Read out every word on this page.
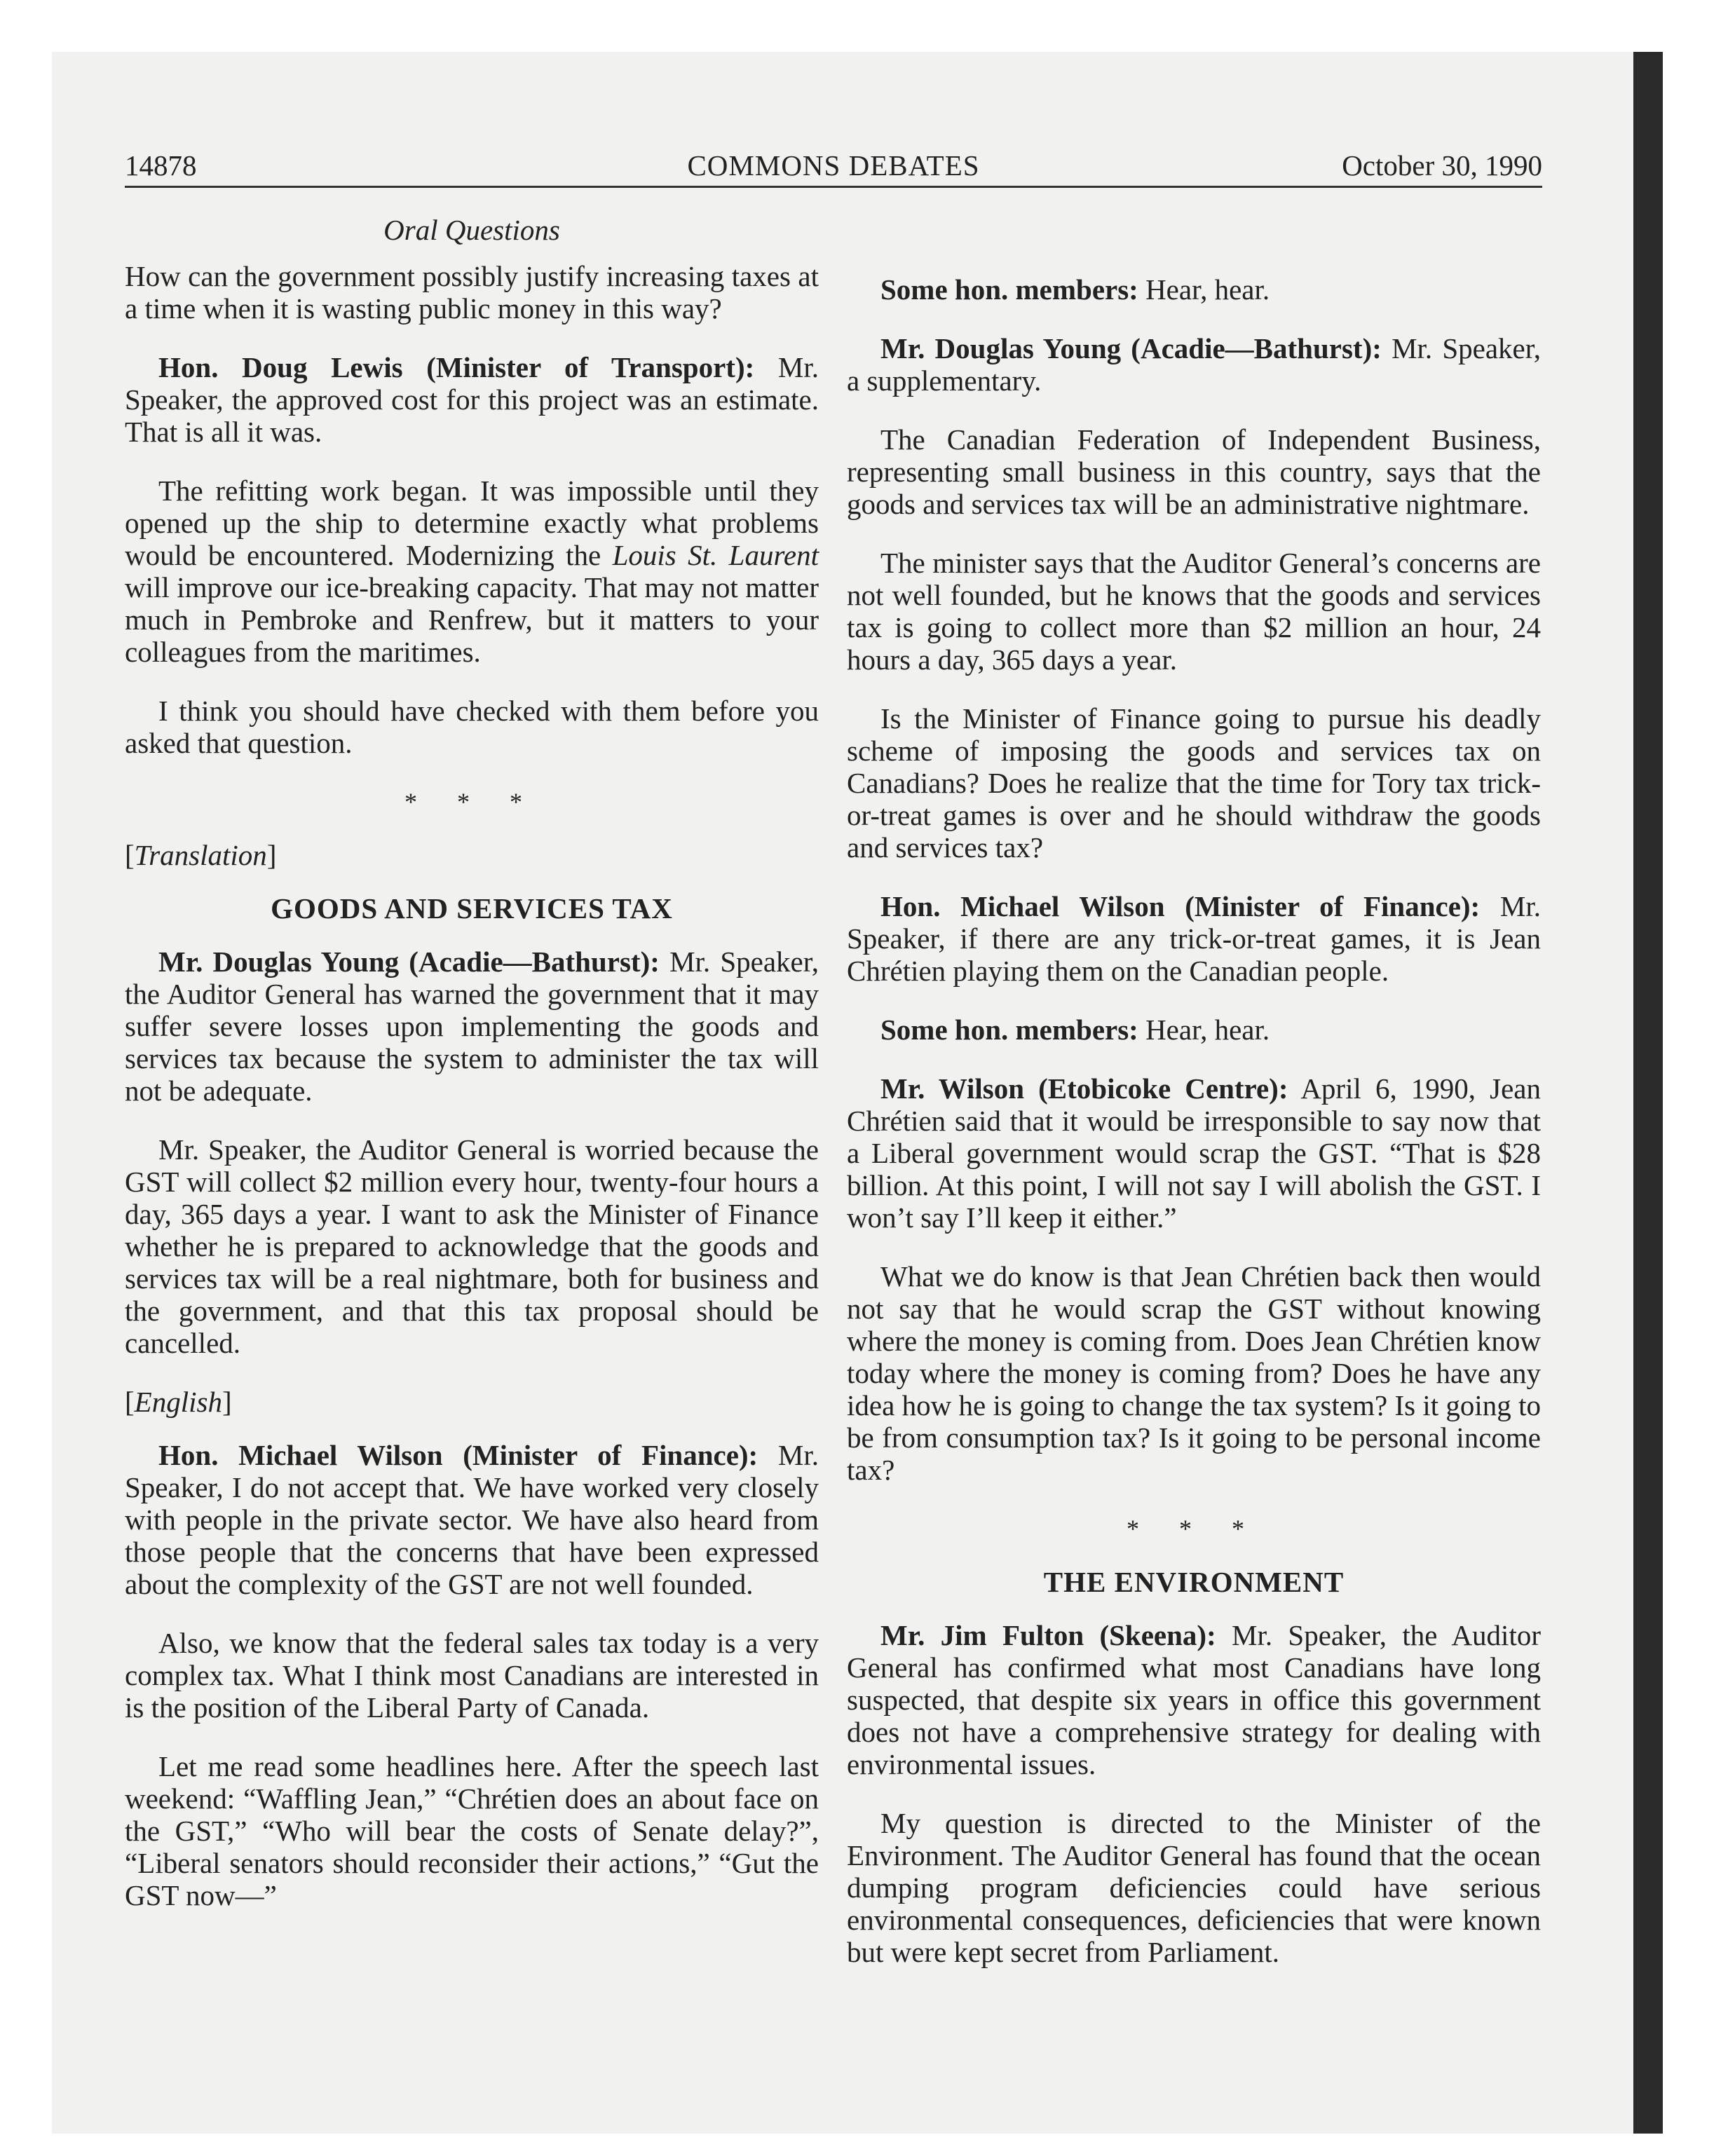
14878	COMMONS DEBATES	October 30, 1990

Oral Questions

How can the government possibly justify increasing taxes at a time when it is wasting public money in this way?

Hon. Doug Lewis (Minister of Transport): Mr. Speaker, the approved cost for this project was an estimate. That is all it was.

The refitting work began. It was impossible until they opened up the ship to determine exactly what problems would be encountered. Modernizing the Louis St. Laurent will improve our ice-breaking capacity. That may not matter much in Pembroke and Renfrew, but it matters to your colleagues from the maritimes.

I think you should have checked with them before you asked that question.

* * *

[Translation]

GOODS AND SERVICES TAX

Mr. Douglas Young (Acadie—Bathurst): Mr. Speaker, the Auditor General has warned the government that it may suffer severe losses upon implementing the goods and services tax because the system to administer the tax will not be adequate.

Mr. Speaker, the Auditor General is worried because the GST will collect $2 million every hour, twenty-four hours a day, 365 days a year. I want to ask the Minister of Finance whether he is prepared to acknowledge that the goods and services tax will be a real nightmare, both for business and the government, and that this tax proposal should be cancelled.

[English]

Hon. Michael Wilson (Minister of Finance): Mr. Speaker, I do not accept that. We have worked very closely with people in the private sector. We have also heard from those people that the concerns that have been expressed about the complexity of the GST are not well founded.

Also, we know that the federal sales tax today is a very complex tax. What I think most Canadians are interested in is the position of the Liberal Party of Canada.

Let me read some headlines here. After the speech last weekend: “Waffling Jean,” “Chrétien does an about face on the GST,” “Who will bear the costs of Senate delay?”, “Liberal senators should reconsider their actions,” “Gut the GST now—”

Some hon. members: Hear, hear.

Mr. Douglas Young (Acadie—Bathurst): Mr. Speaker, a supplementary.

The Canadian Federation of Independent Business, representing small business in this country, says that the goods and services tax will be an administrative nightmare.

The minister says that the Auditor General’s concerns are not well founded, but he knows that the goods and services tax is going to collect more than $2 million an hour, 24 hours a day, 365 days a year.

Is the Minister of Finance going to pursue his deadly scheme of imposing the goods and services tax on Canadians? Does he realize that the time for Tory tax trick-or-treat games is over and he should withdraw the goods and services tax?

Hon. Michael Wilson (Minister of Finance): Mr. Speaker, if there are any trick-or-treat games, it is Jean Chrétien playing them on the Canadian people.

Some hon. members: Hear, hear.

Mr. Wilson (Etobicoke Centre): April 6, 1990, Jean Chrétien said that it would be irresponsible to say now that a Liberal government would scrap the GST. “That is $28 billion. At this point, I will not say I will abolish the GST. I won’t say I’ll keep it either.”

What we do know is that Jean Chrétien back then would not say that he would scrap the GST without knowing where the money is coming from. Does Jean Chrétien know today where the money is coming from? Does he have any idea how he is going to change the tax system? Is it going to be from consumption tax? Is it going to be personal income tax?

* * *

THE ENVIRONMENT

Mr. Jim Fulton (Skeena): Mr. Speaker, the Auditor General has confirmed what most Canadians have long suspected, that despite six years in office this government does not have a comprehensive strategy for dealing with environmental issues.

My question is directed to the Minister of the Environment. The Auditor General has found that the ocean dumping program deficiencies could have serious environmental consequences, deficiencies that were known but were kept secret from Parliament.
